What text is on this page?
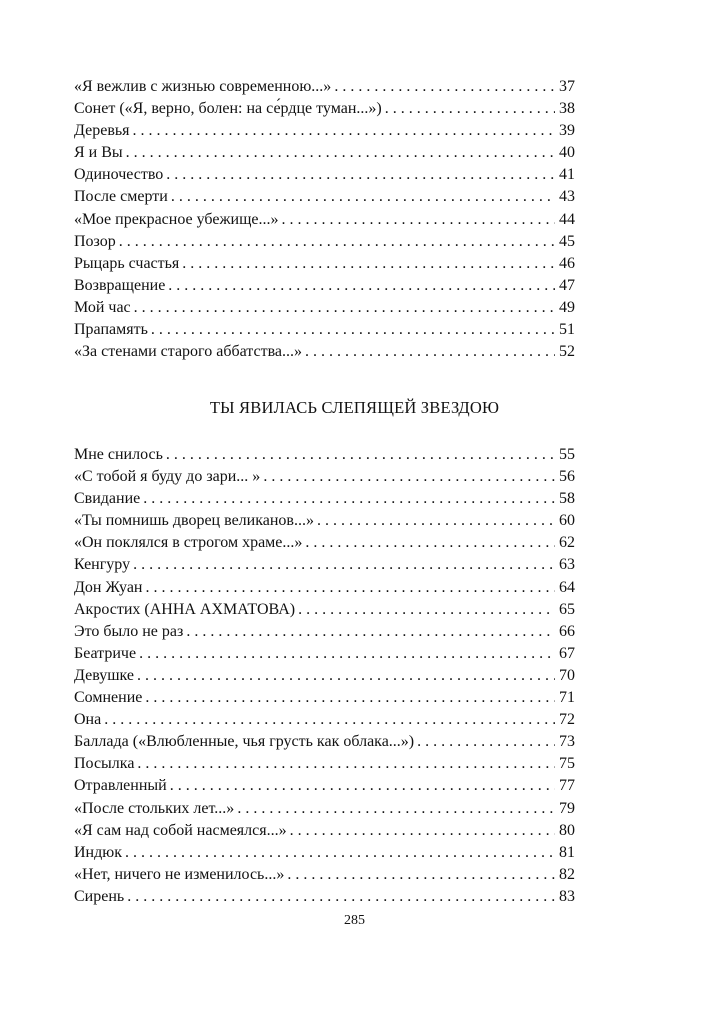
«Я вежлив с жизнью современною...» . . .	37
Сонет («Я, верно, болен: на се́рдце туман...») . . .	38
Деревья . . .	39
Я и Вы . . .	40
Одиночество . . .	41
После смерти . . .	43
«Мое прекрасное убежище...» . . .	44
Позор . . .	45
Рыцарь счастья . . .	46
Возвращение . . .	47
Мой час . . .	49
Прапамять . . .	51
«За стенами старого аббатства...» . . .	52
ТЫ ЯВИЛАСЬ СЛЕПЯЩЕЙ ЗВЕЗДОЮ
Мне снилось . . .	55
«С тобой я буду до зари... » . . .	56
Свидание . . .	58
«Ты помнишь дворец великанов...» . . .	60
«Он поклялся в строгом храме...» . . .	62
Кенгуру . . .	63
Дон Жуан . . .	64
Акростих (АННА АХМАТОВА) . . .	65
Это было не раз . . .	66
Беатриче . . .	67
Девушке . . .	70
Сомнение . . .	71
Она . . .	72
Баллада («Влюбленные, чья грусть как облака...») . . .	73
Посылка . . .	75
Отравленный . . .	77
«После стольких лет...» . . .	79
«Я сам над собой насмеялся...» . . .	80
Индюк . . .	81
«Нет, ничего не изменилось...» . . .	82
Сирень . . .	83
285
